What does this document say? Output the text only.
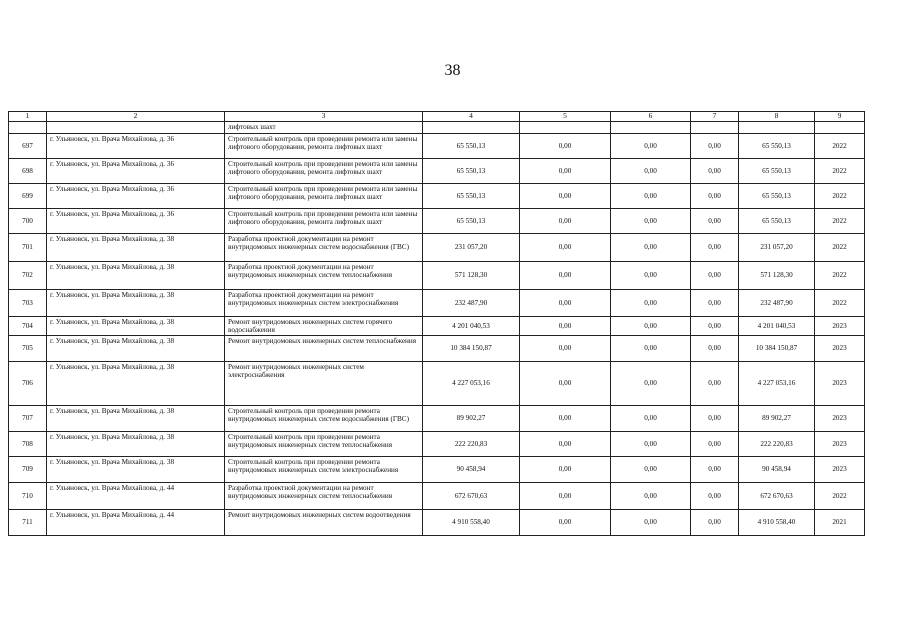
38
1	2	3	4	5	6	7	8	9
		лифтовых шахт						
697	г. Ульяновск, ул. Врача Михайлова, д. 36	Строительный контроль при проведении ремонта или замены лифтового оборудования, ремонта лифтовых шахт	65 550,13	0,00	0,00	0,00	65 550,13	2022
698	г. Ульяновск, ул. Врача Михайлова, д. 36	Строительный контроль при проведении ремонта или замены лифтового оборудования, ремонта лифтовых шахт	65 550,13	0,00	0,00	0,00	65 550,13	2022
699	г. Ульяновск, ул. Врача Михайлова, д. 36	Строительный контроль при проведении ремонта или замены лифтового оборудования, ремонта лифтовых шахт	65 550,13	0,00	0,00	0,00	65 550,13	2022
700	г. Ульяновск, ул. Врача Михайлова, д. 36	Строительный контроль при проведении ремонта или замены лифтового оборудования, ремонта лифтовых шахт	65 550,13	0,00	0,00	0,00	65 550,13	2022
701	г. Ульяновск, ул. Врача Михайлова, д. 38	Разработка проектной документации на ремонт внутридомовых инженерных систем водоснабжения (ГВС)	231 057,20	0,00	0,00	0,00	231 057,20	2022
702	г. Ульяновск, ул. Врача Михайлова, д. 38	Разработка проектной документации на ремонт внутридомовых инженерных систем теплоснабжения	571 128,30	0,00	0,00	0,00	571 128,30	2022
703	г. Ульяновск, ул. Врача Михайлова, д. 38	Разработка проектной документации на ремонт внутридомовых инженерных систем электроснабжения	232 487,90	0,00	0,00	0,00	232 487,90	2022
704	г. Ульяновск, ул. Врача Михайлова, д. 38	Ремонт внутридомовых инженерных систем горячего водоснабжения	4 201 040,53	0,00	0,00	0,00	4 201 040,53	2023
705	г. Ульяновск, ул. Врача Михайлова, д. 38	Ремонт внутридомовых инженерных систем теплоснабжения	10 384 150,87	0,00	0,00	0,00	10 384 150,87	2023
706	г. Ульяновск, ул. Врача Михайлова, д. 38	Ремонт внутридомовых инженерных систем электроснабжения	4 227 053,16	0,00	0,00	0,00	4 227 053,16	2023
707	г. Ульяновск, ул. Врача Михайлова, д. 38	Строительный контроль при проведении ремонта внутридомовых инженерных систем водоснабжения (ГВС)	89 902,27	0,00	0,00	0,00	89 902,27	2023
708	г. Ульяновск, ул. Врача Михайлова, д. 38	Строительный контроль при проведении ремонта внутридомовых инженерных систем теплоснабжения	222 220,83	0,00	0,00	0,00	222 220,83	2023
709	г. Ульяновск, ул. Врача Михайлова, д. 38	Строительный контроль при проведении ремонта внутридомовых инженерных систем электроснабжения	90 458,94	0,00	0,00	0,00	90 458,94	2023
710	г. Ульяновск, ул. Врача Михайлова, д. 44	Разработка проектной документации на ремонт внутридомовых инженерных систем теплоснабжения	672 670,63	0,00	0,00	0,00	672 670,63	2022
711	г. Ульяновск, ул. Врача Михайлова, д. 44	Ремонт внутридомовых инженерных систем водоотведения	4 910 558,40	0,00	0,00	0,00	4 910 558,40	2021
